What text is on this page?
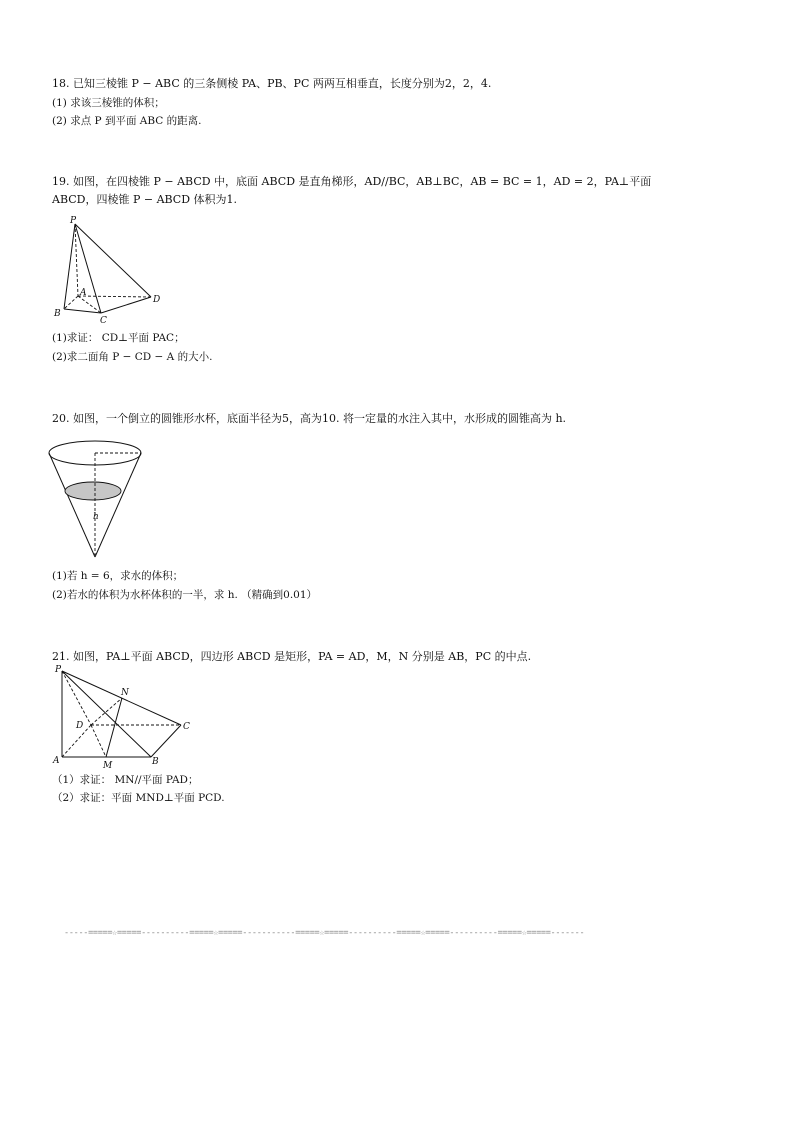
18. 已知三棱锥 P − ABC 的三条侧棱 PA、PB、PC 两两互相垂直，长度分别为2，2，4.
(1) 求该三棱锥的体积；
(2) 求点 P 到平面 ABC 的距离.
19. 如图，在四棱锥 P − ABCD 中，底面 ABCD 是直角梯形，AD//BC，AB⊥BC，AB = BC = 1，AD = 2，PA⊥平面
ABCD，四棱锥 P − ABCD 体积为1.
P
A
B
C
D
(1)求证： CD⊥平面 PAC；
(2)求二面角 P − CD − A 的大小.
20. 如图，一个倒立的圆锥形水杯，底面半径为5，高为10. 将一定量的水注入其中，水形成的圆锥高为 h.
h
(1)若 h = 6，求水的体积；
(2)若水的体积为水杯体积的一半，求 h. （精确到0.01）
21. 如图，PA⊥平面 ABCD，四边形 ABCD 是矩形，PA = AD，M，N 分别是 AB，PC 的中点.
P
N
D	C
A	M	B
（1）求证： MN//平面 PAD；
（2）求证：平面 MND⊥平面 PCD.
-----=====☆=====----------=====☆=====-----------=====☆=====----------=====☆=====----------=====☆=====-------
